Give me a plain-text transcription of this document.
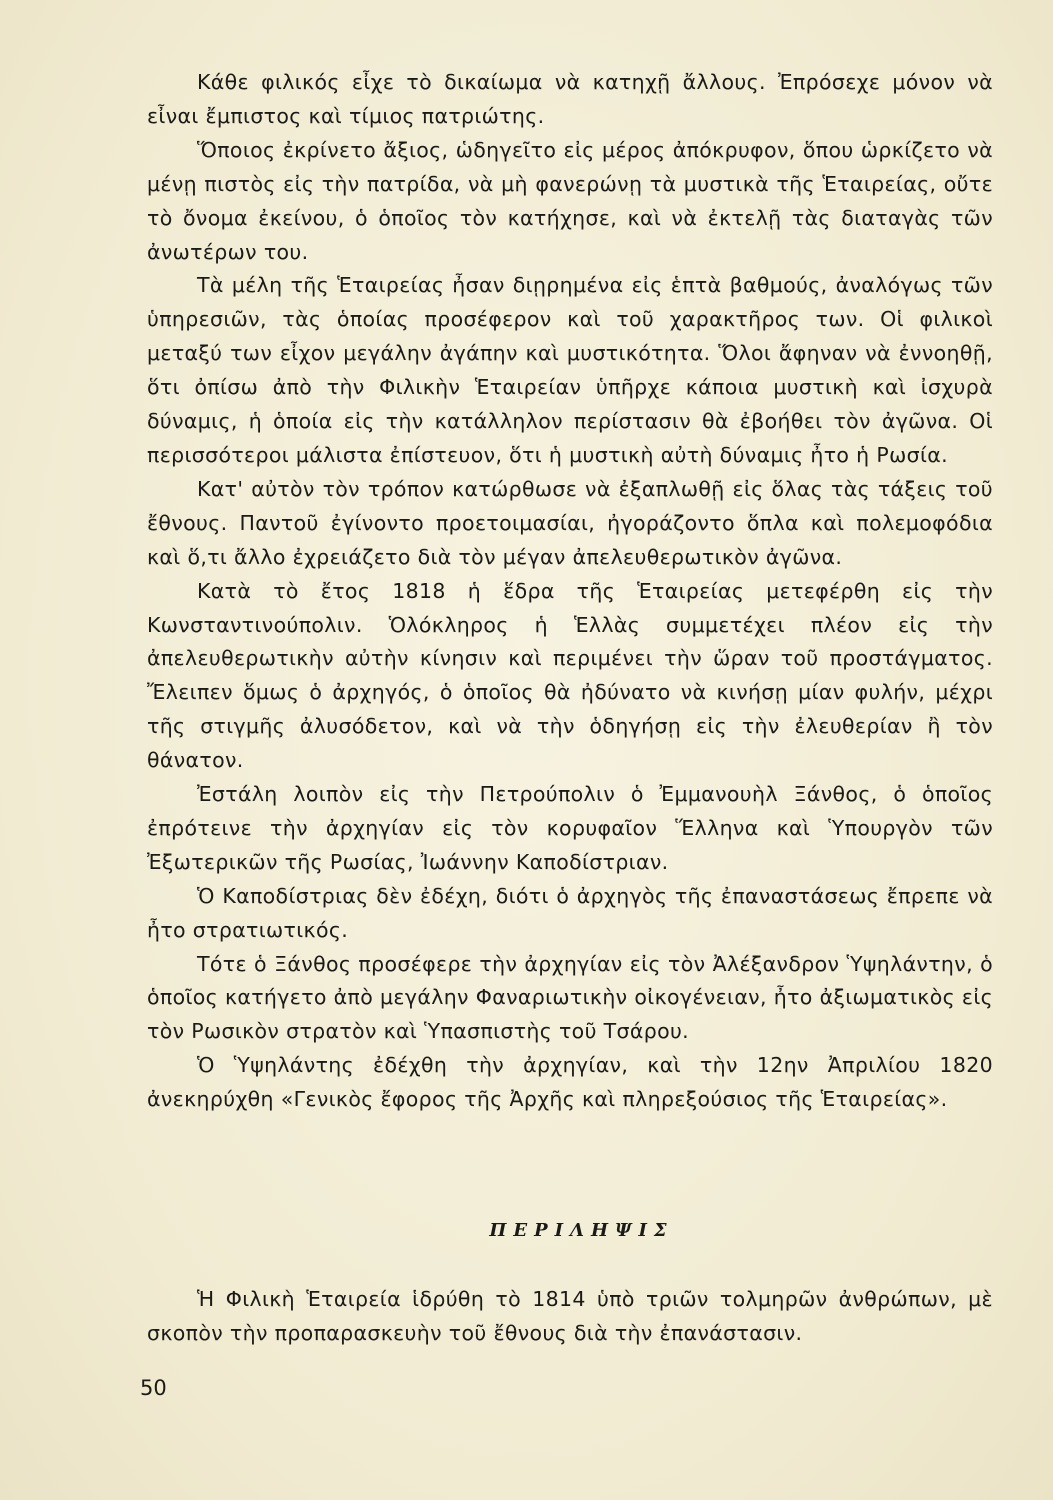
Κάθε φιλικός εἶχε τὸ δικαίωμα νὰ κατηχῇ ἄλλους. Ἐπρόσεχε μόνον νὰ εἶναι ἔμπιστος καὶ τίμιος πατριώτης.

Ὅποιος ἐκρίνετο ἄξιος, ὡδηγεῖτο εἰς μέρος ἀπόκρυφον, ὅπου ὡρκίζετο νὰ μένῃ πιστὸς εἰς τὴν πατρίδα, νὰ μὴ φανερώνῃ τὰ μυστικὰ τῆς Ἑταιρείας, οὔτε τὸ ὄνομα ἐκείνου, ὁ ὁποῖος τὸν κατήχησε, καὶ νὰ ἐκτελῇ τὰς διαταγὰς τῶν ἀνωτέρων του.

Τὰ μέλη τῆς Ἑταιρείας ἦσαν διῃρημένα εἰς ἑπτὰ βαθμούς, ἀναλόγως τῶν ὑπηρεσιῶν, τὰς ὁποίας προσέφερον καὶ τοῦ χαρακτῆρος των. Οἱ φιλικοὶ μεταξύ των εἶχον μεγάλην ἀγάπην καὶ μυστικότητα. Ὅλοι ἄφηναν νὰ ἐννοηθῇ, ὅτι ὀπίσω ἀπὸ τὴν Φιλικὴν Ἑταιρείαν ὑπῆρχε κάποια μυστικὴ καὶ ἰσχυρὰ δύναμις, ἡ ὁποία εἰς τὴν κατάλληλον περίστασιν θὰ ἐβοήθει τὸν ἀγῶνα. Οἱ περισσότεροι μάλιστα ἐπίστευον, ὅτι ἡ μυστικὴ αὐτὴ δύναμις ἦτο ἡ Ρωσία.

Κατ' αὐτὸν τὸν τρόπον κατώρθωσε νὰ ἐξαπλωθῇ εἰς ὅλας τὰς τάξεις τοῦ ἔθνους. Παντοῦ ἐγίνοντο προετοιμασίαι, ἠγοράζοντο ὅπλα καὶ πολεμοφόδια καὶ ὅ,τι ἄλλο ἐχρειάζετο διὰ τὸν μέγαν ἀπελευθερωτικὸν ἀγῶνα.

Κατὰ τὸ ἔτος 1818 ἡ ἕδρα τῆς Ἑταιρείας μετεφέρθη εἰς τὴν Κωνσταντινούπολιν. Ὁλόκληρος ἡ Ἑλλὰς συμμετέχει πλέον εἰς τὴν ἀπελευθερωτικὴν αὐτὴν κίνησιν καὶ περιμένει τὴν ὥραν τοῦ προστάγματος. Ἔλειπεν ὅμως ὁ ἀρχηγός, ὁ ὁποῖος θὰ ἠδύνατο νὰ κινήσῃ μίαν φυλήν, μέχρι τῆς στιγμῆς ἀλυσόδετον, καὶ νὰ τὴν ὁδηγήσῃ εἰς τὴν ἐλευθερίαν ἢ τὸν θάνατον.

Ἐστάλη λοιπὸν εἰς τὴν Πετρούπολιν ὁ Ἐμμανουὴλ Ξάνθος, ὁ ὁποῖος ἐπρότεινε τὴν ἀρχηγίαν εἰς τὸν κορυφαῖον Ἕλληνα καὶ Ὑπουργὸν τῶν Ἐξωτερικῶν τῆς Ρωσίας, Ἰωάννην Καποδίστριαν.

Ὁ Καποδίστριας δὲν ἐδέχη, διότι ὁ ἀρχηγὸς τῆς ἐπαναστάσεως ἔπρεπε νὰ ἦτο στρατιωτικός.

Τότε ὁ Ξάνθος προσέφερε τὴν ἀρχηγίαν εἰς τὸν Ἀλέξανδρον Ὑψηλάντην, ὁ ὁποῖος κατήγετο ἀπὸ μεγάλην Φαναριωτικὴν οἰκογένειαν, ἦτο ἀξιωματικὸς εἰς τὸν Ρωσικὸν στρατὸν καὶ Ὑπασπιστὴς τοῦ Τσάρου.

Ὁ Ὑψηλάντης ἐδέχθη τὴν ἀρχηγίαν, καὶ τὴν 12ην Ἀπριλίου 1820 ἀνεκηρύχθη «Γενικὸς ἔφορος τῆς Ἀρχῆς καὶ πληρεξούσιος τῆς Ἑταιρείας».

ΠΕΡΙΛΗΨΙΣ

Ἡ Φιλικὴ Ἑταιρεία ἱδρύθη τὸ 1814 ὑπὸ τριῶν τολμηρῶν ἀνθρώπων, μὲ σκοπὸν τὴν προπαρασκευὴν τοῦ ἔθνους διὰ τὴν ἐπανάστασιν.

50
